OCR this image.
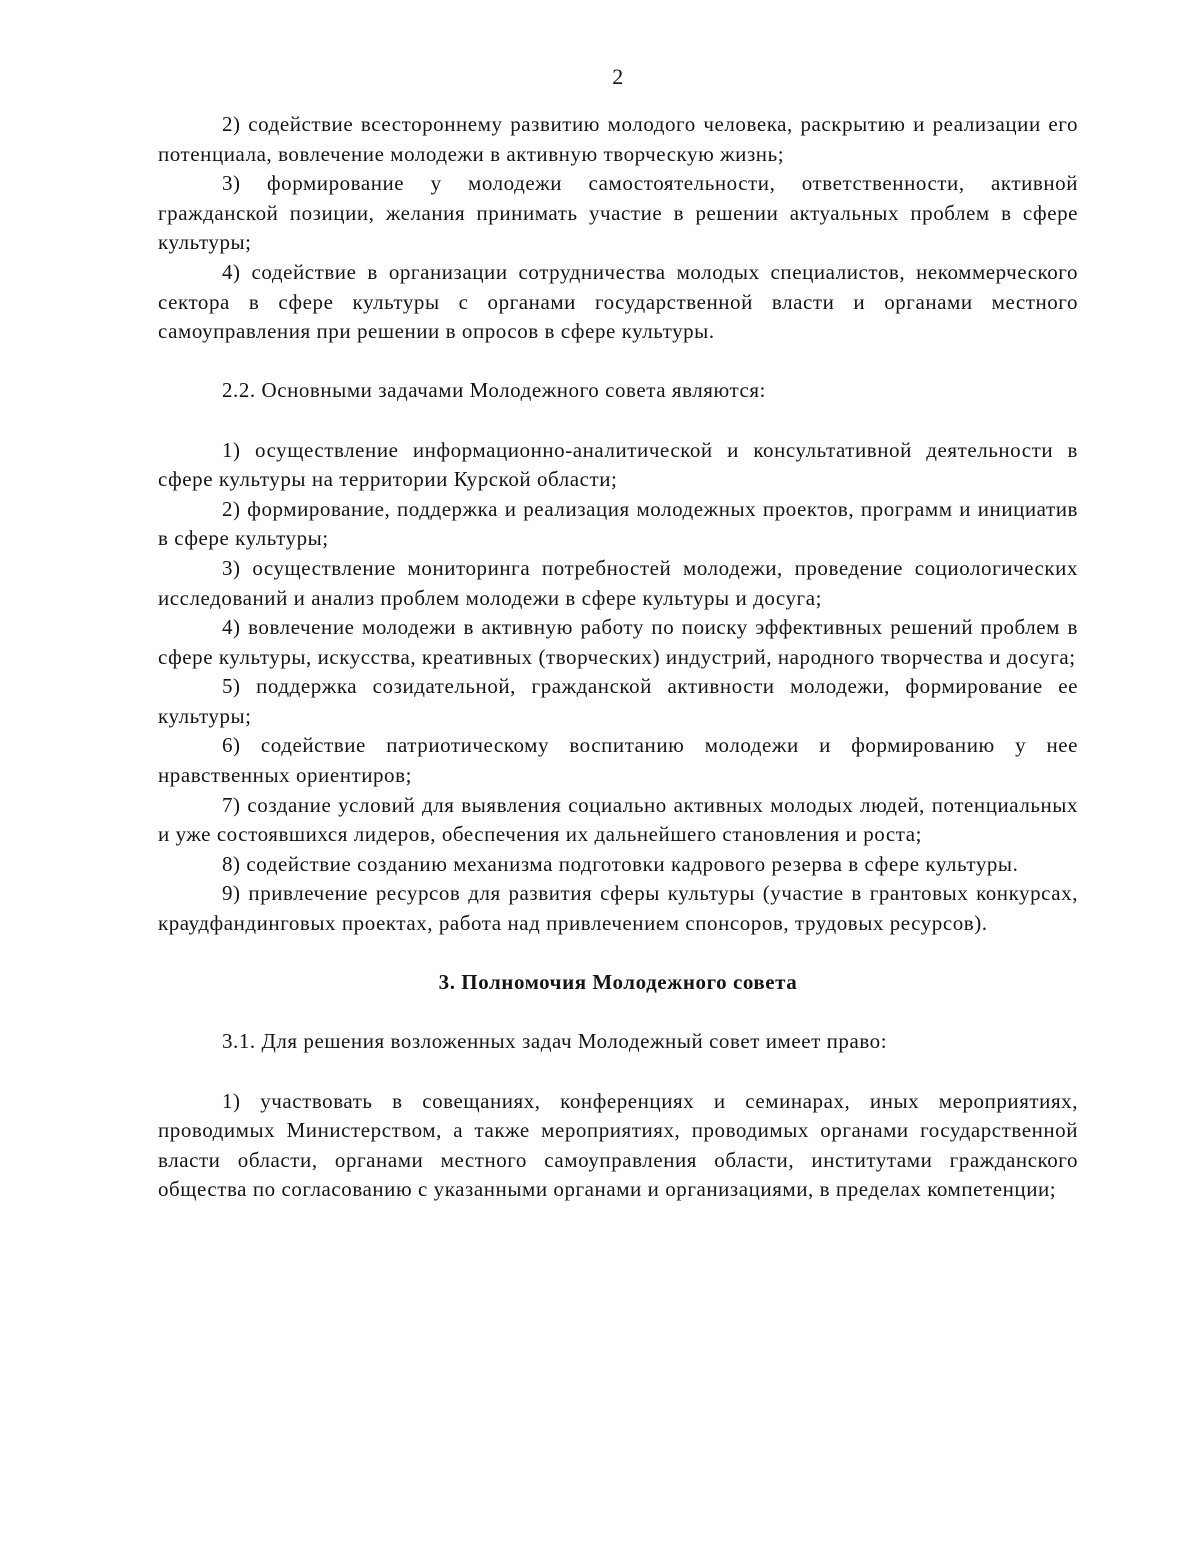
2

2) содействие всестороннему развитию молодого человека, раскрытию и реализации его потенциала, вовлечение молодежи в активную творческую жизнь;

3) формирование у молодежи самостоятельности, ответственности, активной гражданской позиции, желания принимать участие в решении актуальных проблем в сфере культуры;

4) содействие в организации сотрудничества молодых специалистов, некоммерческого сектора в сфере культуры с органами государственной власти и органами местного самоуправления при решении в опросов в сфере культуры.

2.2. Основными задачами Молодежного совета являются:

1) осуществление информационно-аналитической и консультативной деятельности в сфере культуры на территории Курской области;

2) формирование, поддержка и реализация молодежных проектов, программ и инициатив в сфере культуры;

3) осуществление мониторинга потребностей молодежи, проведение социологических исследований и анализ проблем молодежи в сфере культуры и досуга;

4) вовлечение молодежи в активную работу по поиску эффективных решений проблем в сфере культуры, искусства, креативных (творческих) индустрий, народного творчества и досуга;

5) поддержка созидательной, гражданской активности молодежи, формирование ее культуры;

6) содействие патриотическому воспитанию молодежи и формированию у нее нравственных ориентиров;

7) создание условий для выявления социально активных молодых людей, потенциальных и уже состоявшихся лидеров, обеспечения их дальнейшего становления и роста;

8) содействие созданию механизма подготовки кадрового резерва в сфере культуры.

9) привлечение ресурсов для развития сферы культуры (участие в грантовых конкурсах, краудфандинговых проектах, работа над привлечением спонсоров, трудовых ресурсов).

3. Полномочия Молодежного совета

3.1. Для решения возложенных задач Молодежный совет имеет право:

1) участвовать в совещаниях, конференциях и семинарах, иных мероприятиях, проводимых Министерством, а также мероприятиях, проводимых органами государственной власти области, органами местного самоуправления области, институтами гражданского общества по согласованию с указанными органами и организациями, в пределах компетенции;
